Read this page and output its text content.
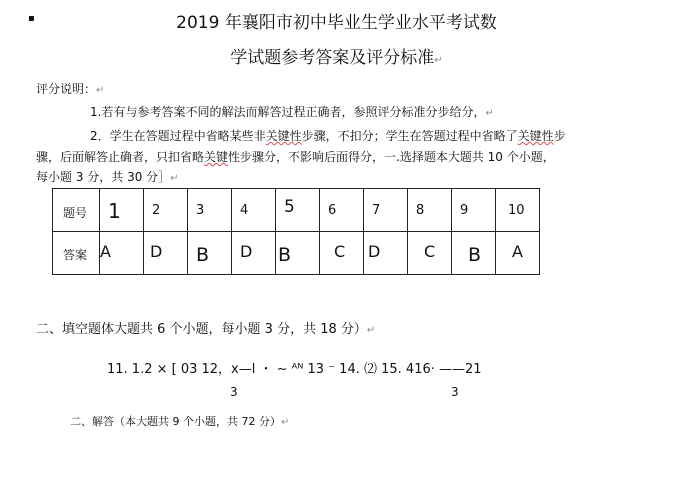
▪	2019 年襄阳市初中毕业生学业水平考试数
学试题参考答案及评分标准↵
评分说明：↵
1.若有与参考答案不同的解法而解答过程正确者，参照评分标准分步给分，↵
2．学生在答题过程中省略某些非关键性步骤，不扣分；学生在答题过程中省略了关键性步
骤，后面解答止确者，只扣省略关键性步骤分，不影响后面得分，一.选择题本大题共 10 个小题，
每小题 3 分，共 30 分］↵
题号	1	2	3	4	5	6	7	8	9	10

答案	A	D	B	D	B	C	D	C	B	A
二、填空题体大题共 6 个小题，每小题 3 分，共 18 分）↵
11. 1.2 × [ 03 12，x—l ・ ~ ᴬᴺ 13 ⁻ 14. ⑵ 15. 416· ——21
3	3
二、解答（本大题共 9 个小题，共 72 分）↵
